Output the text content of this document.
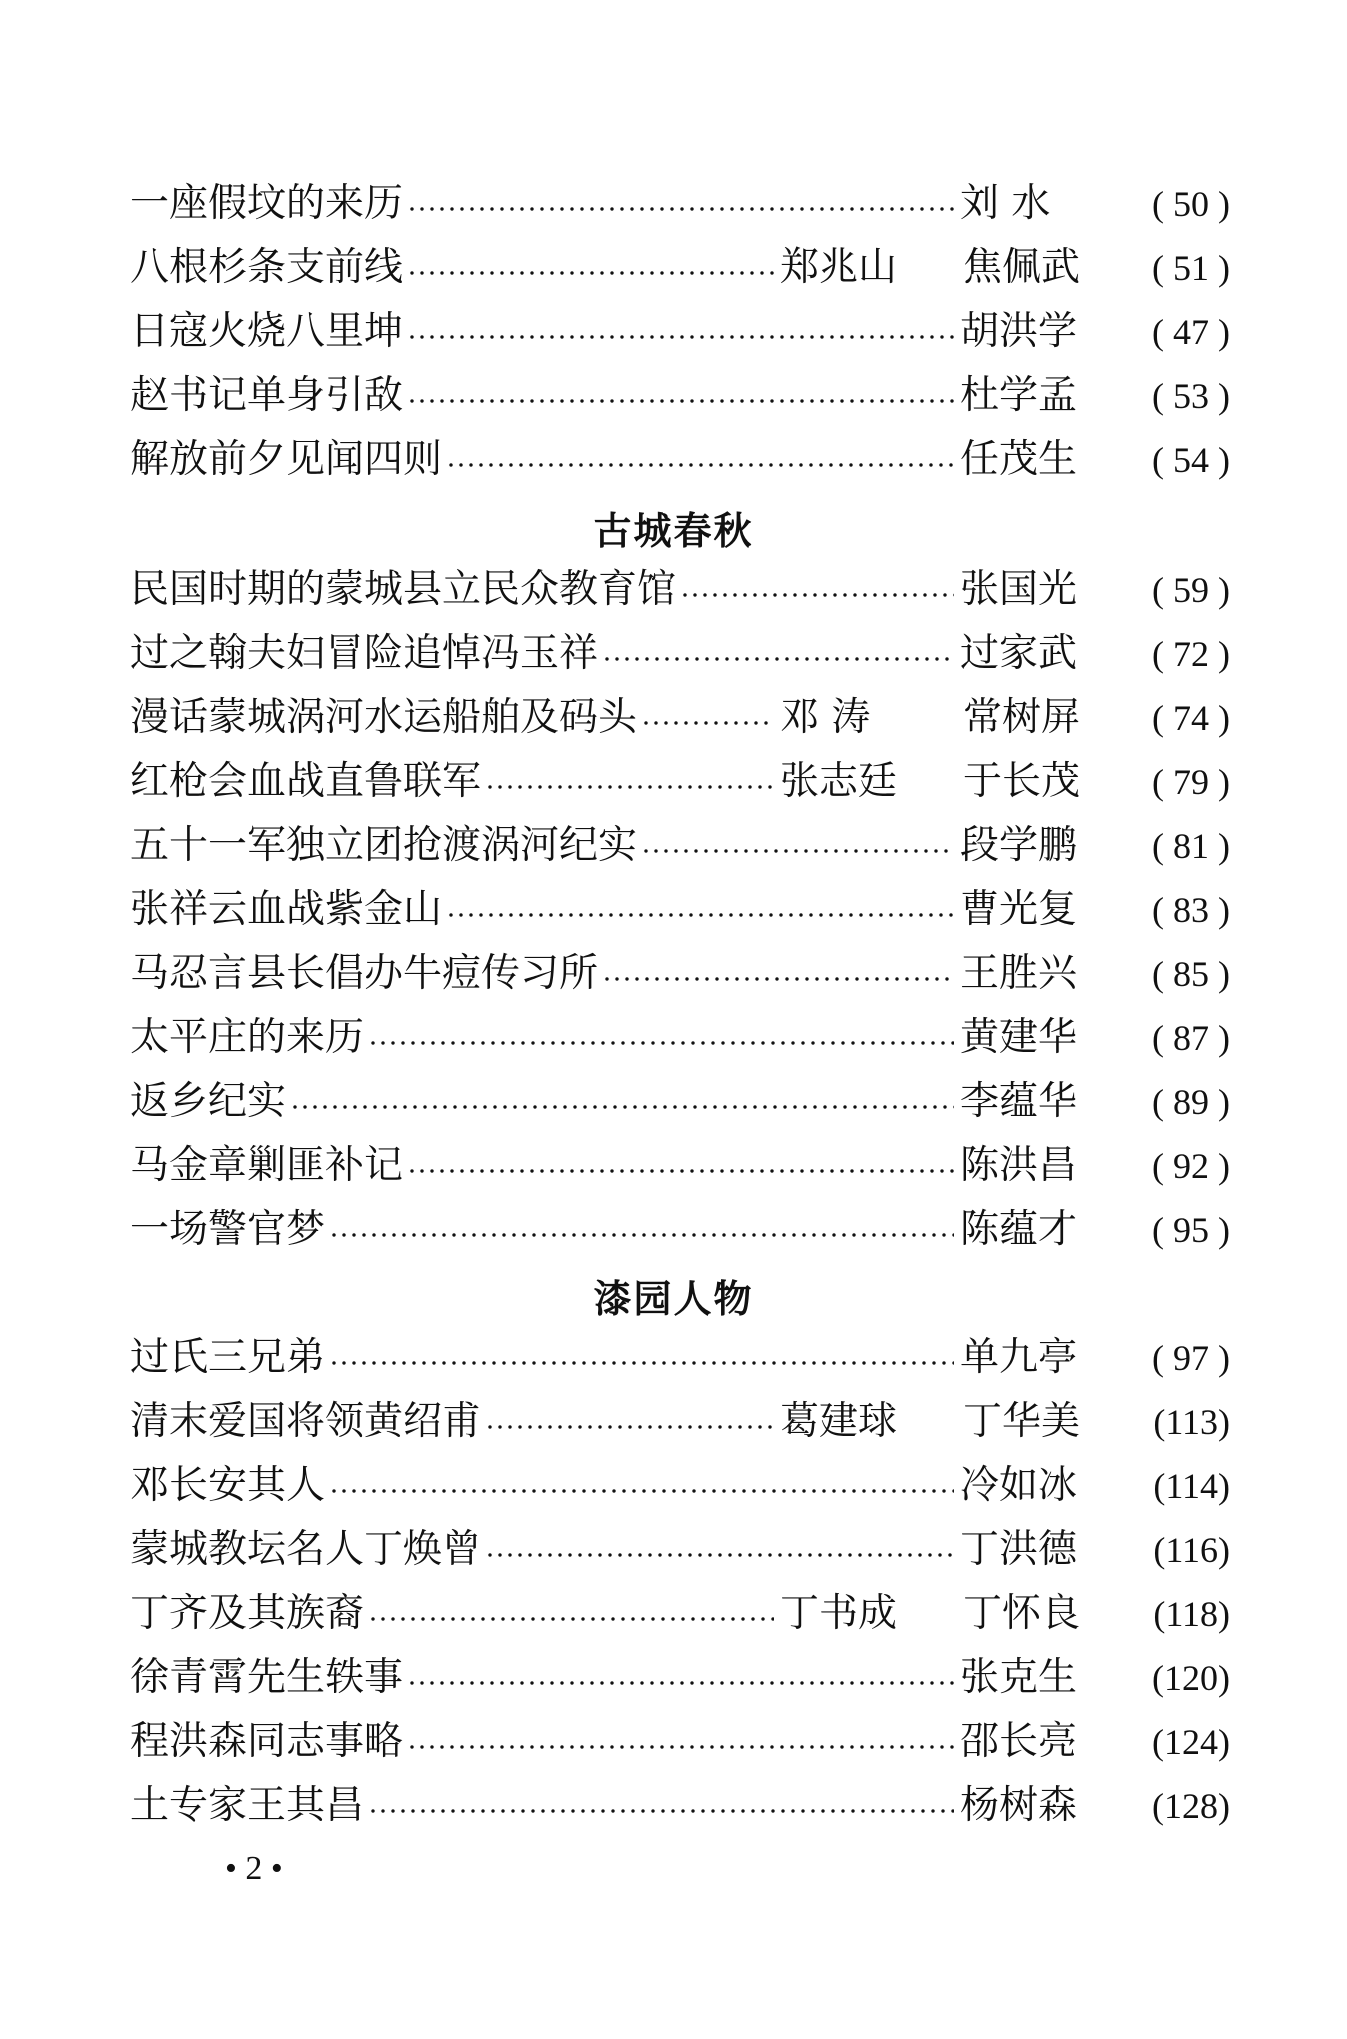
一座假坟的来历	刘 水	( 50 )
八根杉条支前线	郑兆山 焦佩武	( 51 )
日寇火烧八里坤	胡洪学	( 47 )
赵书记单身引敌	杜学孟	( 53 )
解放前夕见闻四则	任茂生	( 54 )
古城春秋
民国时期的蒙城县立民众教育馆	张国光	( 59 )
过之翰夫妇冒险追悼冯玉祥	过家武	( 72 )
漫话蒙城涡河水运船舶及码头	邓 涛 常树屏	( 74 )
红枪会血战直鲁联军	张志廷 于长茂	( 79 )
五十一军独立团抢渡涡河纪实	段学鹏	( 81 )
张祥云血战紫金山	曹光复	( 83 )
马忍言县长倡办牛痘传习所	王胜兴	( 85 )
太平庄的来历	黄建华	( 87 )
返乡纪实	李蕴华	( 89 )
马金章剿匪补记	陈洪昌	( 92 )
一场警官梦	陈蕴才	( 95 )
漆园人物
过氏三兄弟	单九亭	( 97 )
清末爱国将领黄绍甫	葛建球 丁华美	(113)
邓长安其人	冷如冰	(114)
蒙城教坛名人丁焕曾	丁洪德	(116)
丁齐及其族裔	丁书成 丁怀良	(118)
徐青霄先生轶事	张克生	(120)
程洪森同志事略	邵长亮	(124)
土专家王其昌	杨树森	(128)
• 2 •
